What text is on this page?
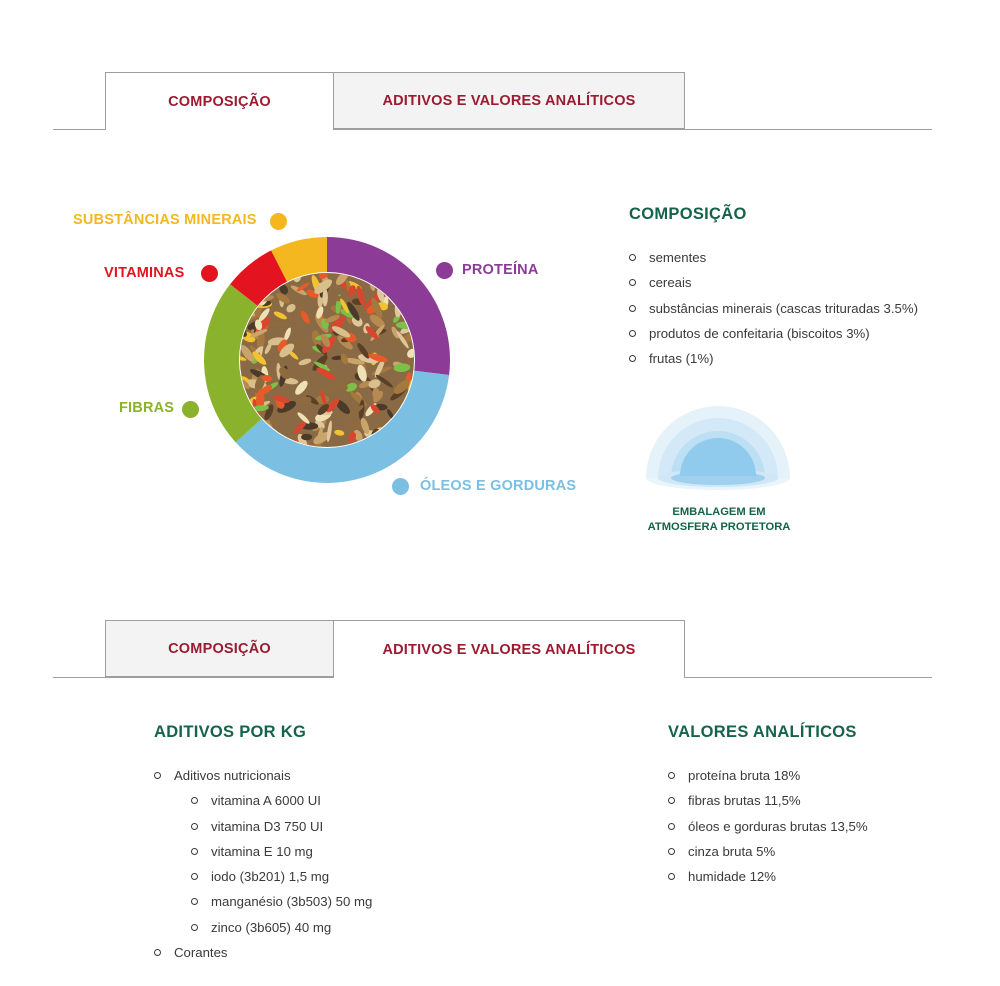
COMPOSIÇÃO	ADITIVOS E VALORES ANALÍTICOS
SUBSTÂNCIAS MINERAIS
VITAMINAS	PROTEÍNA
FIBRAS
ÓLEOS E GORDURAS
COMPOSIÇÃO
sementes
cereais
substâncias minerais (cascas trituradas 3.5%)
produtos de confeitaria (biscoitos 3%)
frutas (1%)
EMBALAGEM EM
ATMOSFERA PROTETORA
COMPOSIÇÃO	ADITIVOS E VALORES ANALÍTICOS
ADITIVOS POR KG
Aditivos nutricionais
vitamina A 6000 UI
vitamina D3 750 UI
vitamina E 10 mg
iodo (3b201) 1,5 mg
manganésio (3b503) 50 mg
zinco (3b605) 40 mg
Corantes
VALORES ANALÍTICOS
proteína bruta 18%
fibras brutas 11,5%
óleos e gorduras brutas 13,5%
cinza bruta 5%
humidade 12%
